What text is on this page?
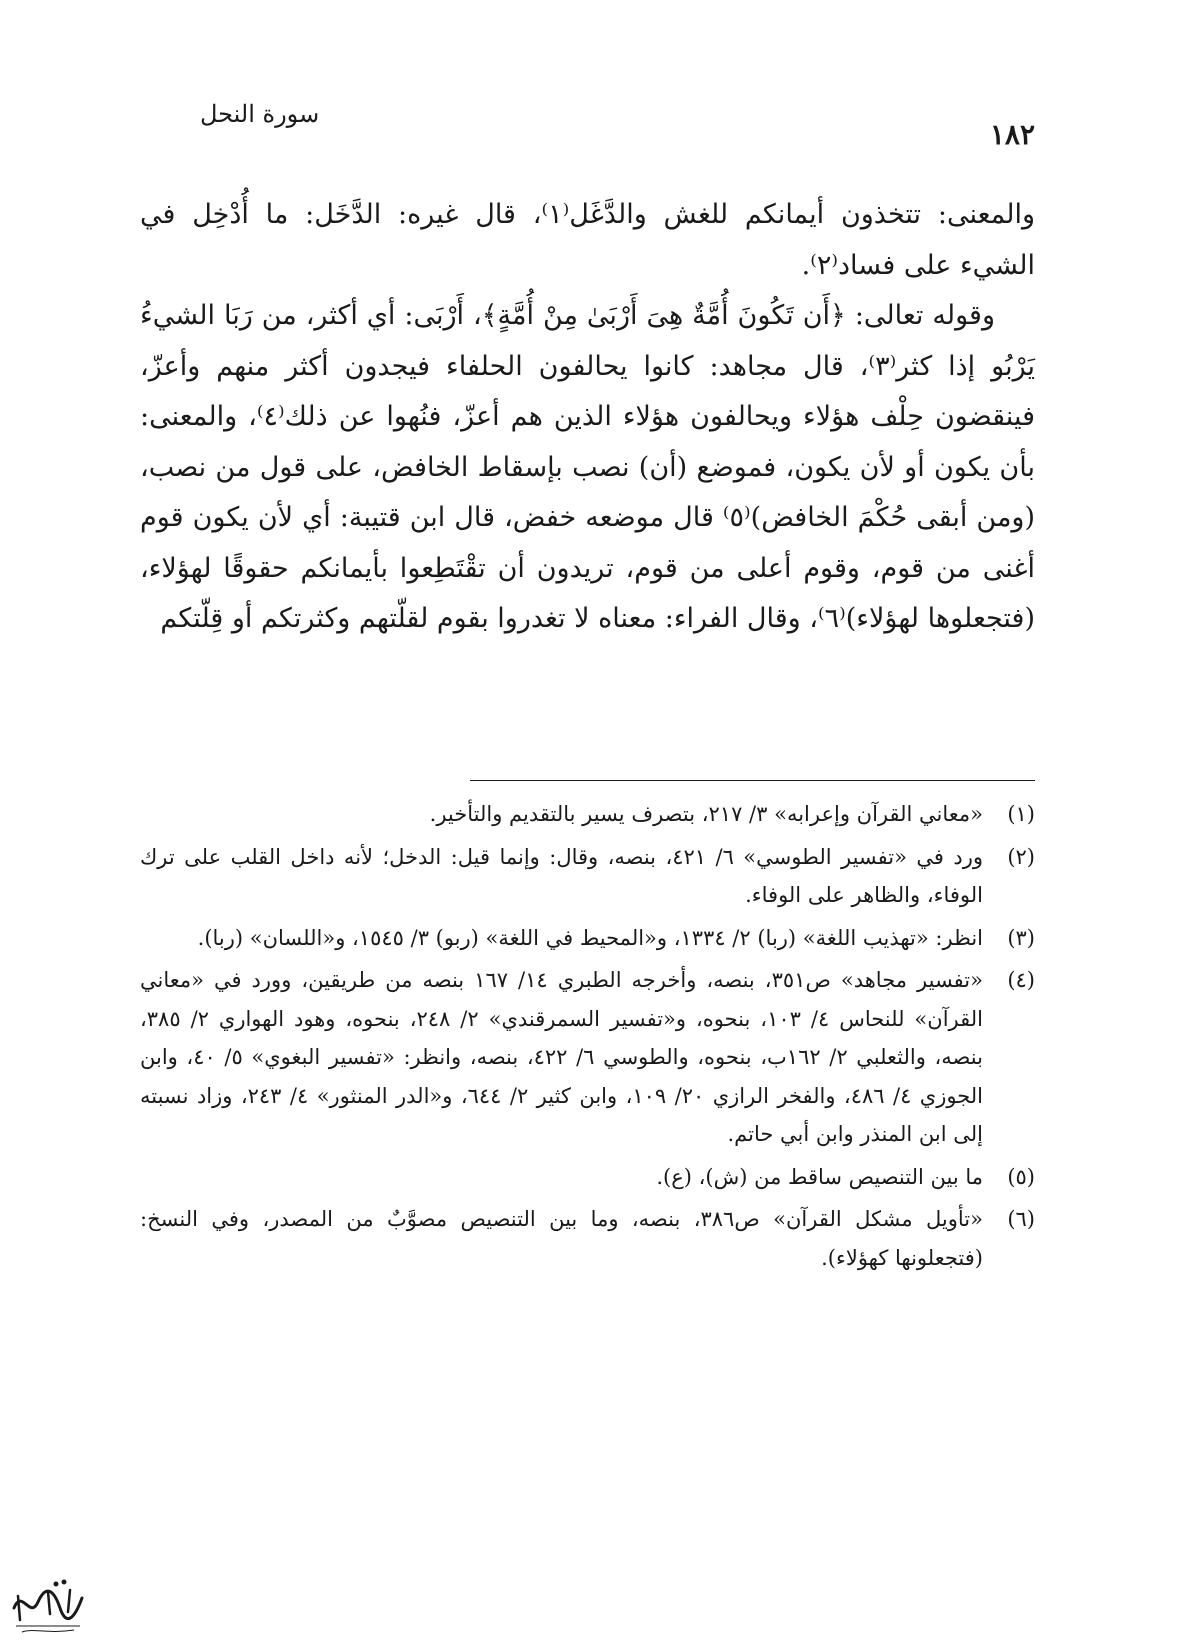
١٨٢
سورة النحل

والمعنى: تتخذون أيمانكم للغش والدَّغَل⁽١⁾، قال غيره: الدَّخَل: ما أُدْخِل في الشيء على فساد⁽٢⁾.

وقوله تعالى: ﴿أَن تَكُونَ أُمَّةٌ هِىَ أَرْبَىٰ مِنْ أُمَّةٍ﴾، أَرْبَى: أي أكثر، من رَبَا الشيءُ يَرْبُو إذا كثر⁽٣⁾، قال مجاهد: كانوا يحالفون الحلفاء فيجدون أكثر منهم وأعزّ، فينقضون حِلْف هؤلاء ويحالفون هؤلاء الذين هم أعزّ، فنُهوا عن ذلك⁽٤⁾، والمعنى: بأن يكون أو لأن يكون، فموضع (أن) نصب بإسقاط الخافض، على قول من نصب، (ومن أبقى حُكْمَ الخافض)⁽٥⁾ قال موضعه خفض، قال ابن قتيبة: أي لأن يكون قوم أغنى من قوم، وقوم أعلى من قوم، تريدون أن تقْتَطِعوا بأيمانكم حقوقًا لهؤلاء، (فتجعلوها لهؤلاء)⁽٦⁾، وقال الفراء: معناه لا تغدروا بقوم لقلّتهم وكثرتكم أو قِلّتكم

(١)
«معاني القرآن وإعرابه» ٣/ ٢١٧، بتصرف يسير بالتقديم والتأخير.
(٢)
ورد في «تفسير الطوسي» ٦/ ٤٢١، بنصه، وقال: وإنما قيل: الدخل؛ لأنه داخل القلب على ترك الوفاء، والظاهر على الوفاء.
(٣)
انظر: «تهذيب اللغة» (ربا) ٢/ ١٣٣٤، و«المحيط في اللغة» (ربو) ٣/ ١٥٤٥، و«اللسان» (ربا).
(٤)
«تفسير مجاهد» ص٣٥١، بنصه، وأخرجه الطبري ١٤/ ١٦٧ بنصه من طريقين، وورد في «معاني القرآن» للنحاس ٤/ ١٠٣، بنحوه، و«تفسير السمرقندي» ٢/ ٢٤٨، بنحوه، وهود الهواري ٢/ ٣٨٥، بنصه، والثعلبي ٢/ ١٦٢ب، بنحوه، والطوسي ٦/ ٤٢٢، بنصه، وانظر: «تفسير البغوي» ٥/ ٤٠، وابن الجوزي ٤/ ٤٨٦، والفخر الرازي ٢٠/ ١٠٩، وابن كثير ٢/ ٦٤٤، و«الدر المنثور» ٤/ ٢٤٣، وزاد نسبته إلى ابن المنذر وابن أبي حاتم.
(٥)
ما بين التنصيص ساقط من (ش)، (ع).
(٦)
«تأويل مشكل القرآن» ص٣٨٦، بنصه، وما بين التنصيص مصوَّبٌ من المصدر، وفي النسخ: (فتجعلونها كهؤلاء).
